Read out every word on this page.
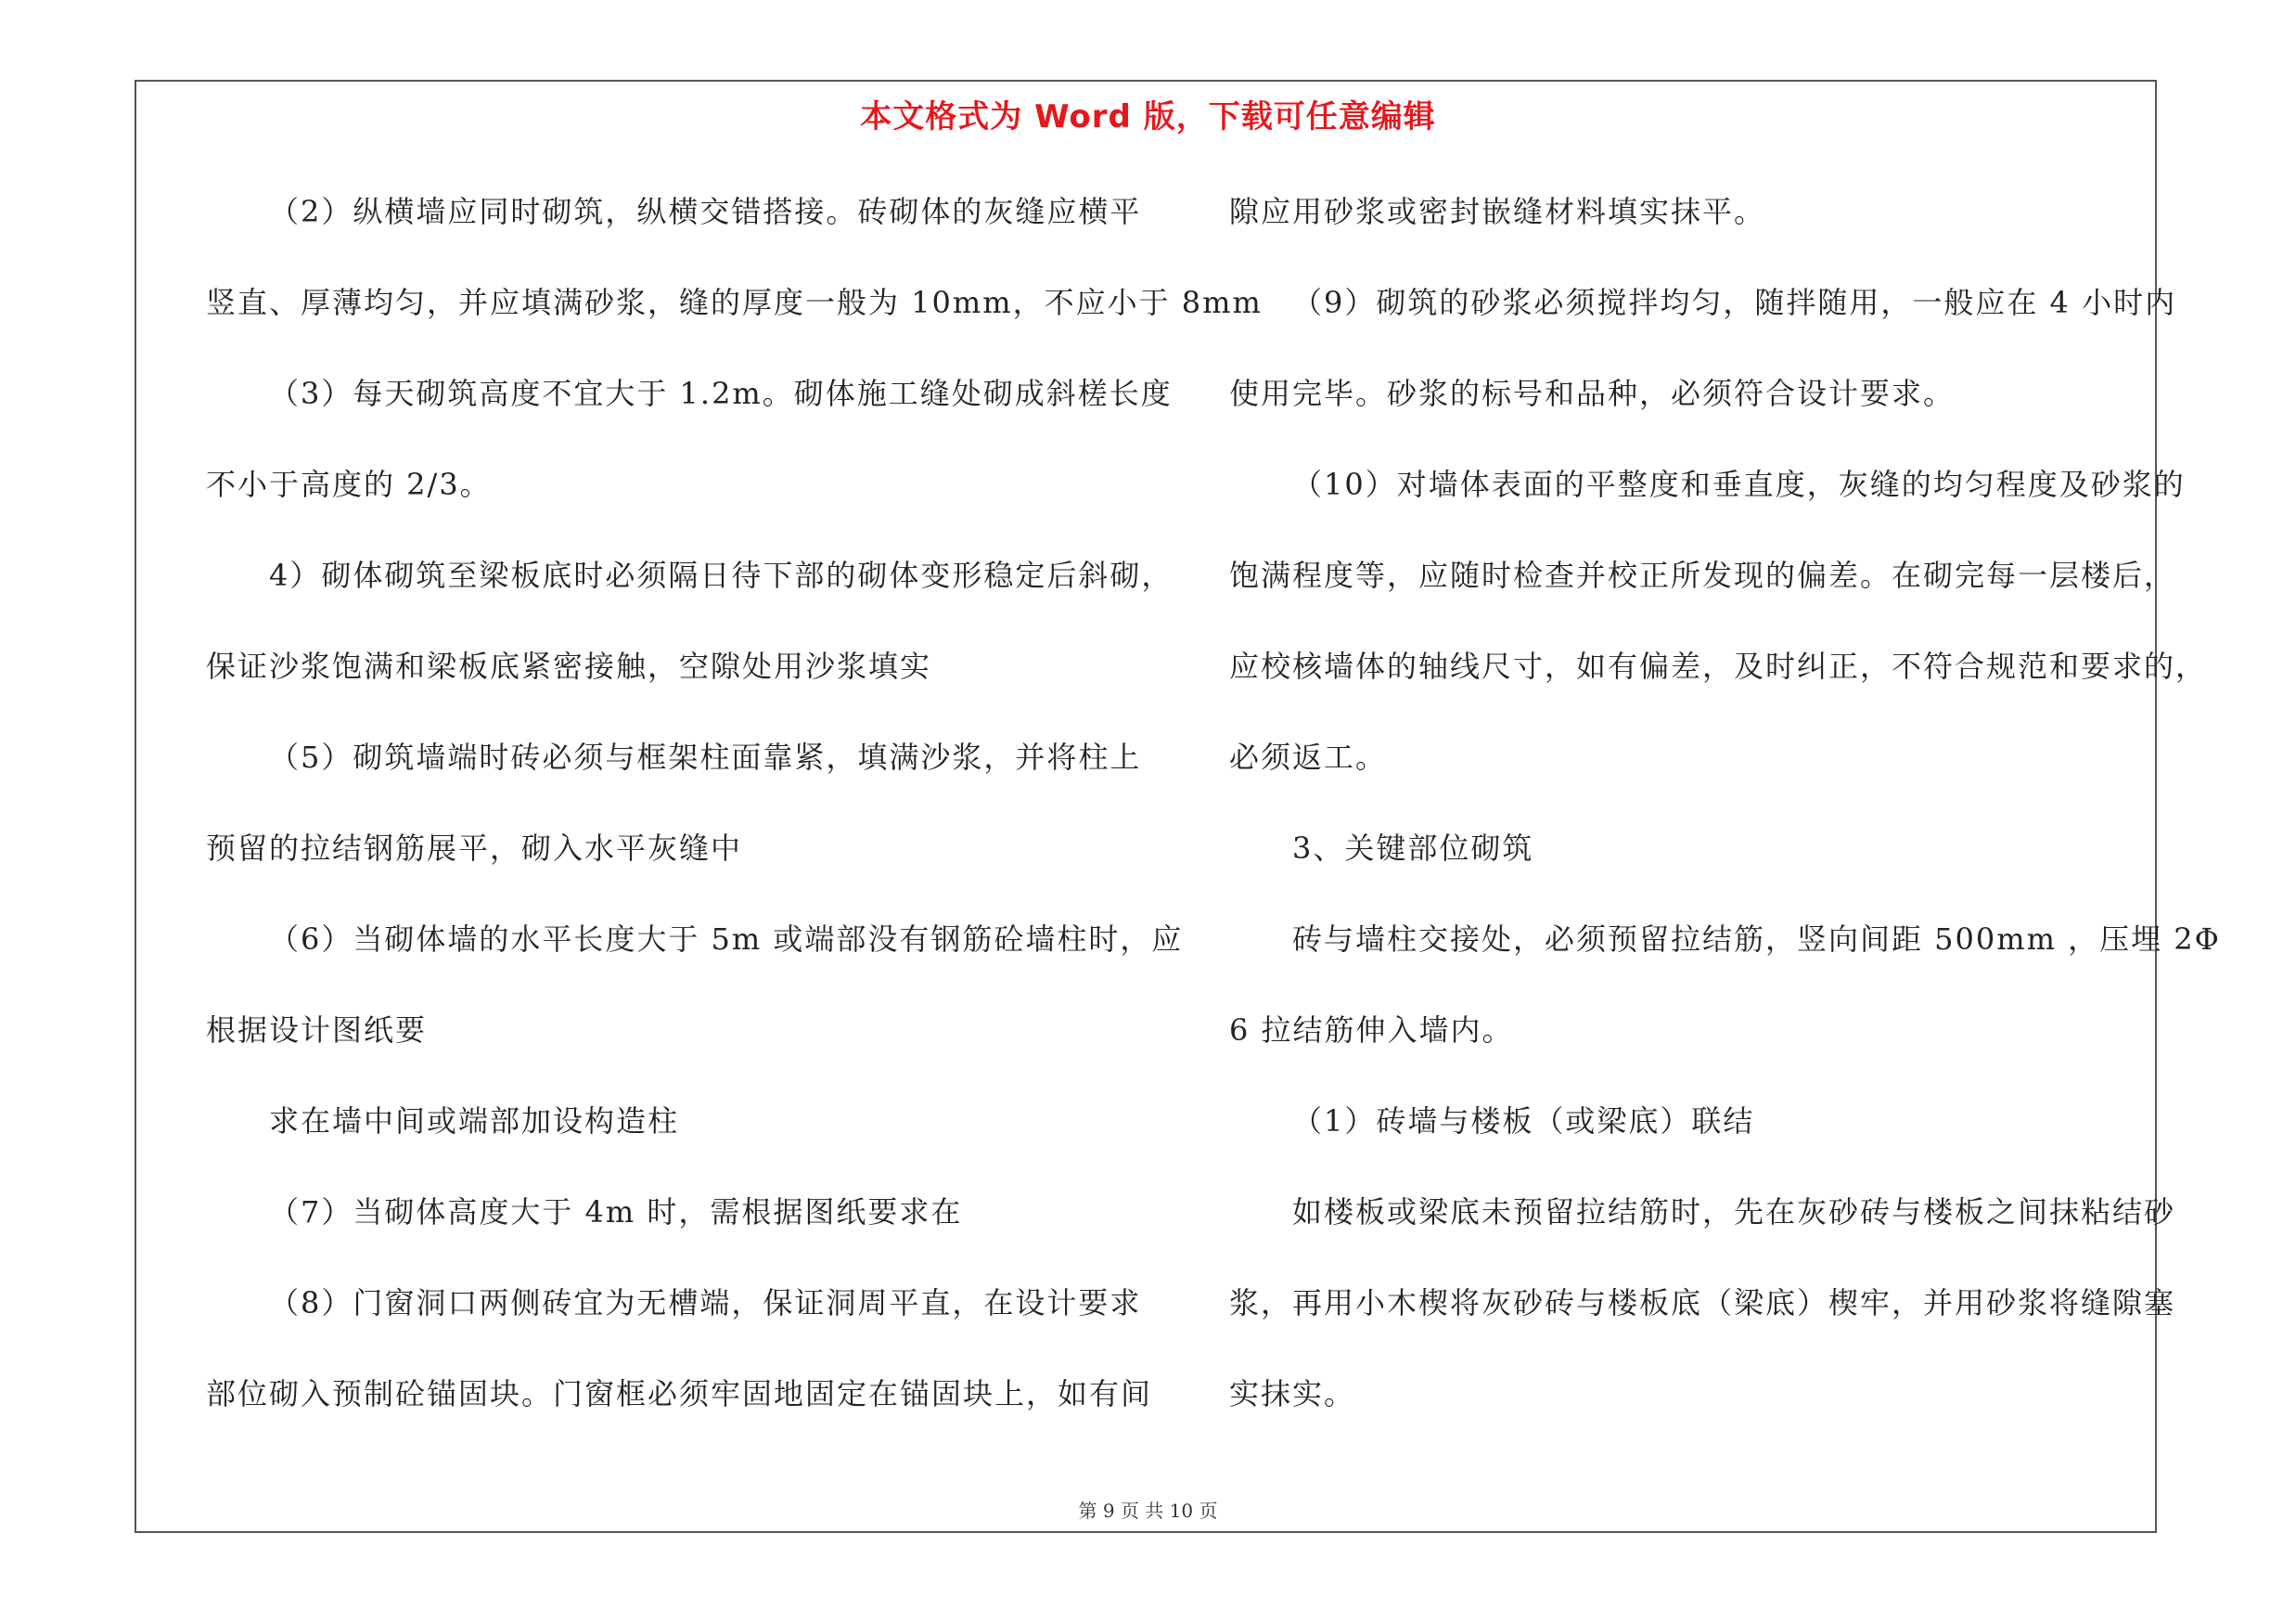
本文格式为 Word 版，下载可任意编辑
（2）纵横墙应同时砌筑，纵横交错搭接。砖砌体的灰缝应横平
竖直、厚薄均匀，并应填满砂浆，缝的厚度一般为 10mm，不应小于 8mm
（3）每天砌筑高度不宜大于 1.2m。砌体施工缝处砌成斜槎长度
不小于高度的 2/3。
4）砌体砌筑至梁板底时必须隔日待下部的砌体变形稳定后斜砌，
保证沙浆饱满和梁板底紧密接触，空隙处用沙浆填实
（5）砌筑墙端时砖必须与框架柱面靠紧，填满沙浆，并将柱上
预留的拉结钢筋展平，砌入水平灰缝中
（6）当砌体墙的水平长度大于 5m 或端部没有钢筋砼墙柱时，应
根据设计图纸要
求在墙中间或端部加设构造柱
（7）当砌体高度大于 4m 时，需根据图纸要求在
（8）门窗洞口两侧砖宜为无槽端，保证洞周平直，在设计要求
部位砌入预制砼锚固块。门窗框必须牢固地固定在锚固块上，如有间
隙应用砂浆或密封嵌缝材料填实抹平。
（9）砌筑的砂浆必须搅拌均匀，随拌随用，一般应在 4 小时内
使用完毕。砂浆的标号和品种，必须符合设计要求。
（10）对墙体表面的平整度和垂直度，灰缝的均匀程度及砂浆的
饱满程度等，应随时检查并校正所发现的偏差。在砌完每一层楼后，
应校核墙体的轴线尺寸，如有偏差，及时纠正，不符合规范和要求的，
必须返工。
3、关键部位砌筑
砖与墙柱交接处，必须预留拉结筋，竖向间距 500mm ，压埋 2Φ
6 拉结筋伸入墙内。
（1）砖墙与楼板（或梁底）联结
如楼板或梁底未预留拉结筋时，先在灰砂砖与楼板之间抹粘结砂
浆，再用小木楔将灰砂砖与楼板底（梁底）楔牢，并用砂浆将缝隙塞
实抹实。
第 9 页 共 10 页
